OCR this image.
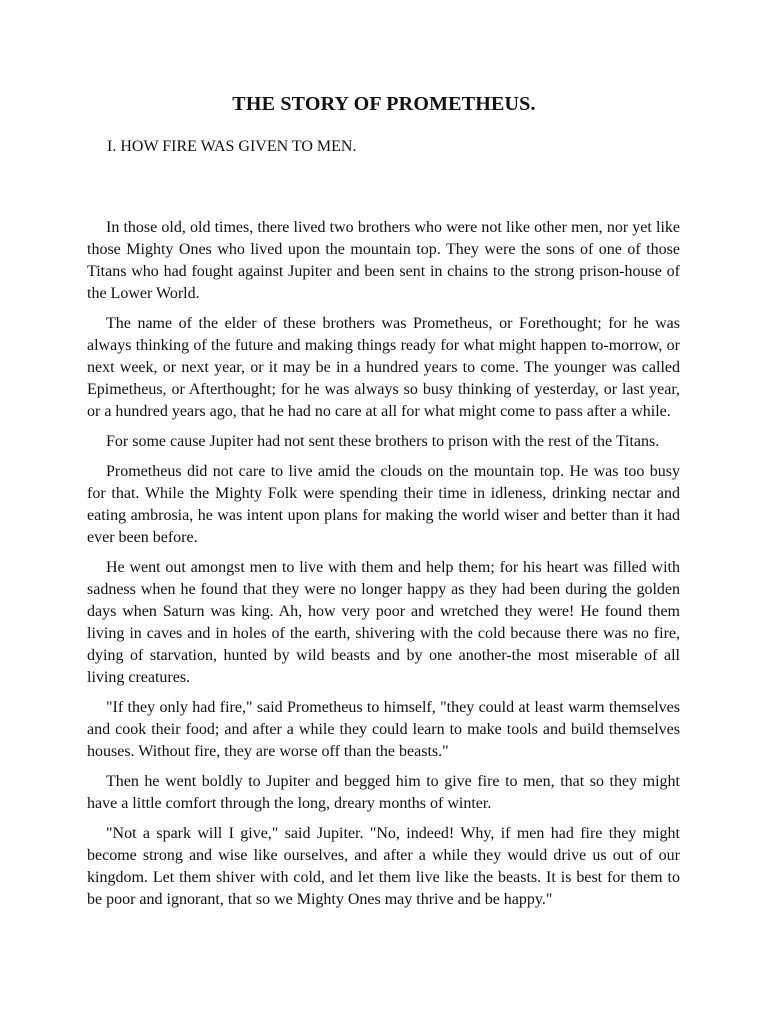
THE STORY OF PROMETHEUS.
I. HOW FIRE WAS GIVEN TO MEN.

In those old, old times, there lived two brothers who were not like other men, nor yet like those Mighty Ones who lived upon the mountain top. They were the sons of one of those Titans who had fought against Jupiter and been sent in chains to the strong prison-house of the Lower World.

The name of the elder of these brothers was Prometheus, or Forethought; for he was always thinking of the future and making things ready for what might happen to-morrow, or next week, or next year, or it may be in a hundred years to come. The younger was called Epimetheus, or Afterthought; for he was always so busy thinking of yesterday, or last year, or a hundred years ago, that he had no care at all for what might come to pass after a while.

For some cause Jupiter had not sent these brothers to prison with the rest of the Titans.

Prometheus did not care to live amid the clouds on the mountain top. He was too busy for that. While the Mighty Folk were spending their time in idleness, drinking nectar and eating ambrosia, he was intent upon plans for making the world wiser and better than it had ever been before.

He went out amongst men to live with them and help them; for his heart was filled with sadness when he found that they were no longer happy as they had been during the golden days when Saturn was king. Ah, how very poor and wretched they were! He found them living in caves and in holes of the earth, shivering with the cold because there was no fire, dying of starvation, hunted by wild beasts and by one another-the most miserable of all living creatures.

"If they only had fire," said Prometheus to himself, "they could at least warm themselves and cook their food; and after a while they could learn to make tools and build themselves houses. Without fire, they are worse off than the beasts."

Then he went boldly to Jupiter and begged him to give fire to men, that so they might have a little comfort through the long, dreary months of winter.

"Not a spark will I give," said Jupiter. "No, indeed! Why, if men had fire they might become strong and wise like ourselves, and after a while they would drive us out of our kingdom. Let them shiver with cold, and let them live like the beasts. It is best for them to be poor and ignorant, that so we Mighty Ones may thrive and be happy."
